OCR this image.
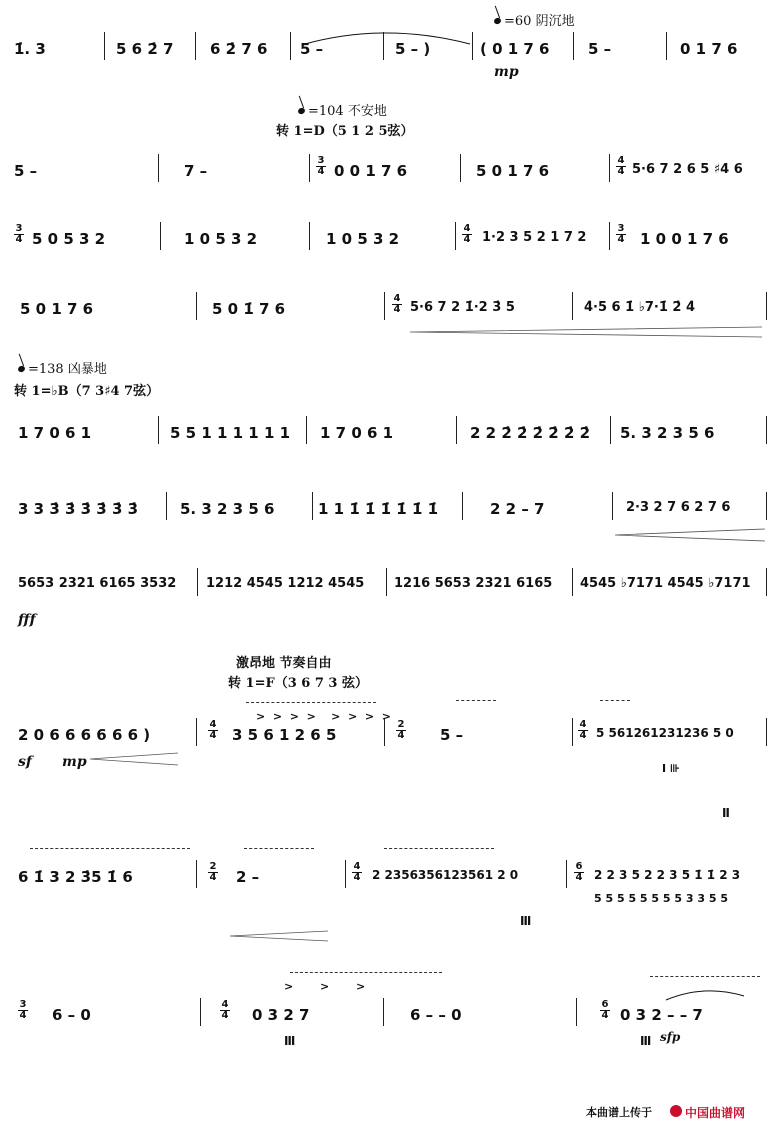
=60 阴沉地
=104 不安地
转 1=D（5 1 2 5弦）
=138 凶暴地
转 1=♭B（7 3♯4 7弦）
激昂地 节奏自由
转 1=F（3 6 7 3 弦）
1̇. 3	5 6 2̇ 7 6 2̇ 7 6 5 –	5 – )	( 0 1 7 6	5 –	0 1 7 6
mp
5 –	7 –
3
4 0 0 1 7 6	5 0 1 7 6
4
4 5·6 7 2 6 5 ♯4 6
3
4 5 0 5 3 2	1 0 5 3 2	1 0 5 3 2
4
4 1·2 3 5 2 1 7 2
3
4 1 0 0 1 7 6
5 0 1 7 6	5 0 1̇ 7 6
4
4 5·6 7 2 1̇·2 3̇ 5	4̇·5 6 1̇ ♭7·1̇ 2̇ 4̇
1 7 0 6 1	5 5 1 1 1 1 1 1 1 7 0 6 1	2 2 2̇ 2̇ 2̇ 2̇ 2̇ 2̇ 5. 3 2 3 5 6
3 3 3̇ 3̇ 3̇ 3̇ 3̇ 3̇	5. 3 2 3 5 6	1 1 1̇ 1̇ 1̇ 1̇ 1̇ 1̇	2 2 – 7	2·3 2 7 6 2 7 6
5653 2321 6165 3532 1212 4545 1212 4545 1216 5653 2321 6165 4545 ♭7171 4545 ♭7171
fff
2 0 6 6 6 6 6 6 )
4
4 3 5 6 1 2 6 5
2
4 5 –
4
4 5 561261231236 5 0
sf mp
>  >  >  >    >  >  >  >
Ⅰ ⊪
Ⅱ
6 1̇ 3 2 3̇5 1̇ 6
2
4 2 –
4
4 2 2356356123561 2 0
6
4 2 2 3 5 2 2 3 5 1̇ 1̇ 2 3
5 5 5 5 5 5 5 5 3 3 5 5
Ⅲ
3
4 6 – 0
4
4 0 3 2 7	6 – – 0
6
4 0 3 2 – – 7
>       >       >
Ⅲ	Ⅲ sfp
本曲谱上传于	中国曲谱网
